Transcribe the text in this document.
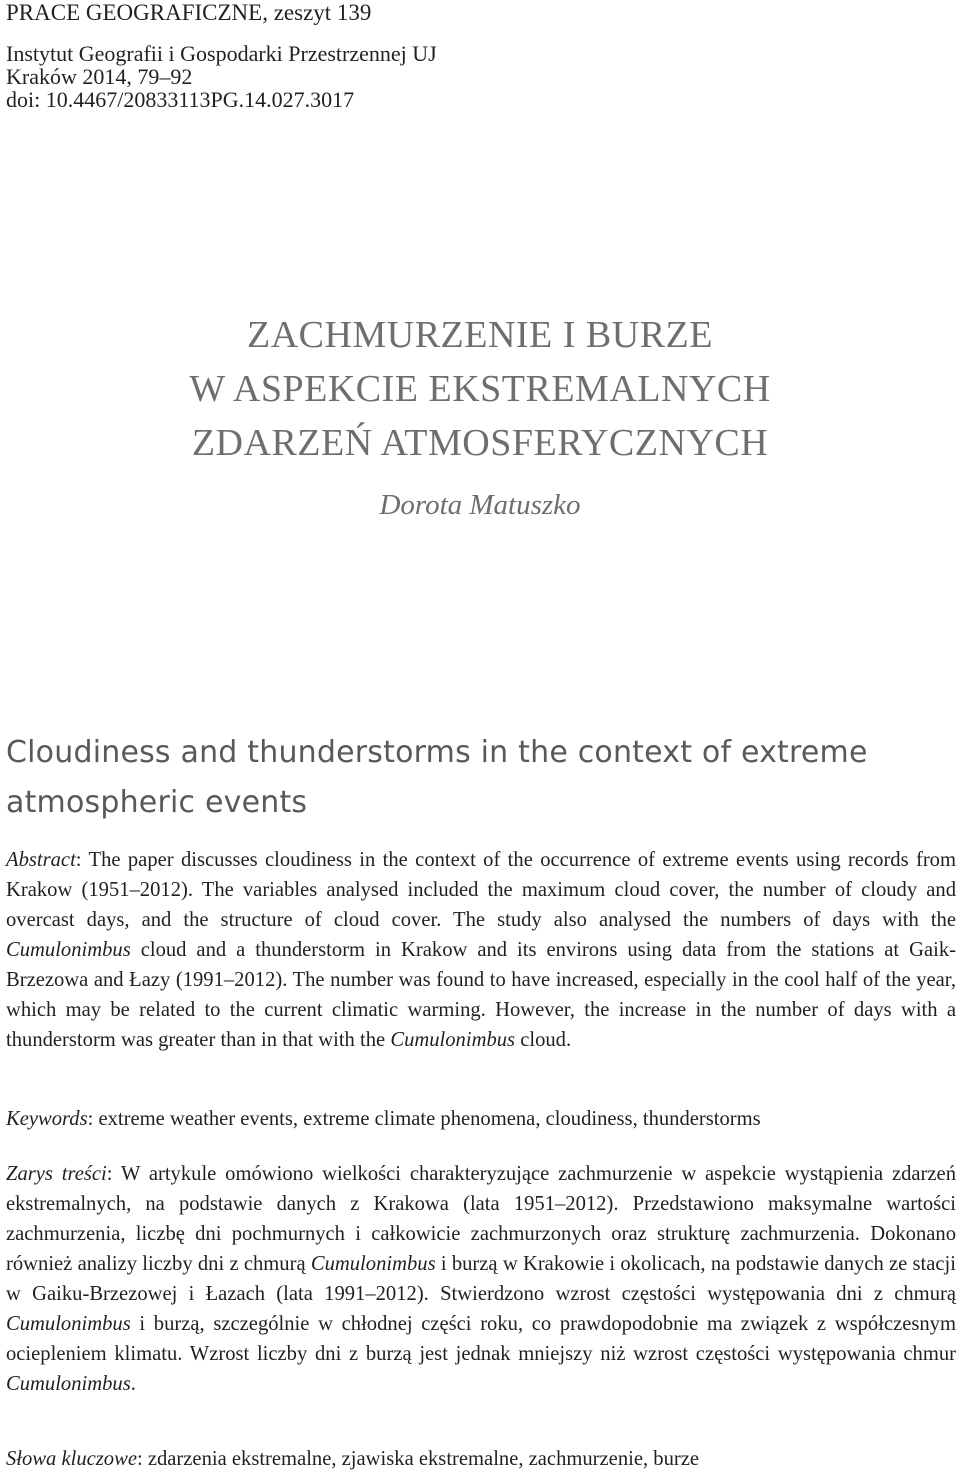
PRACE GEOGRAFICZNE, zeszyt 139
Instytut Geografii i Gospodarki Przestrzennej UJ
Kraków 2014, 79–92
doi: 10.4467/20833113PG.14.027.3017
ZACHMURZENIE I BURZE
W ASPEKCIE EKSTREMALNYCH
ZDARZEŃ ATMOSFERYCZNYCH
Dorota Matuszko
Cloudiness and thunderstorms in the context of extreme atmospheric events
Abstract: The paper discusses cloudiness in the context of the occurrence of extreme events using records from Krakow (1951–2012). The variables analysed included the maximum cloud cover, the number of cloudy and overcast days, and the structure of cloud cover. The study also analysed the numbers of days with the Cumulonimbus cloud and a thunderstorm in Krakow and its environs using data from the stations at Gaik-Brzezowa and Łazy (1991–2012). The number was found to have increased, especially in the cool half of the year, which may be related to the current climatic warming. However, the increase in the number of days with a thunderstorm was greater than in that with the Cumulonimbus cloud.
Keywords: extreme weather events, extreme climate phenomena, cloudiness, thunderstorms
Zarys treści: W artykule omówiono wielkości charakteryzujące zachmurzenie w aspekcie wystąpienia zdarzeń ekstremalnych, na podstawie danych z Krakowa (lata 1951–2012). Przedstawiono maksymalne wartości zachmurzenia, liczbę dni pochmurnych i całkowicie zachmurzonych oraz strukturę zachmurzenia. Dokonano również analizy liczby dni z chmurą Cumulonimbus i burzą w Krakowie i okolicach, na podstawie danych ze stacji w Gaiku-Brzezowej i Łazach (lata 1991–2012). Stwierdzono wzrost częstości występowania dni z chmurą Cumulonimbus i burzą, szczególnie w chłodnej części roku, co prawdopodobnie ma związek z współczesnym ociepleniem klimatu. Wzrost liczby dni z burzą jest jednak mniejszy niż wzrost częstości występowania chmur Cumulonimbus.
Słowa kluczowe: zdarzenia ekstremalne, zjawiska ekstremalne, zachmurzenie, burze
